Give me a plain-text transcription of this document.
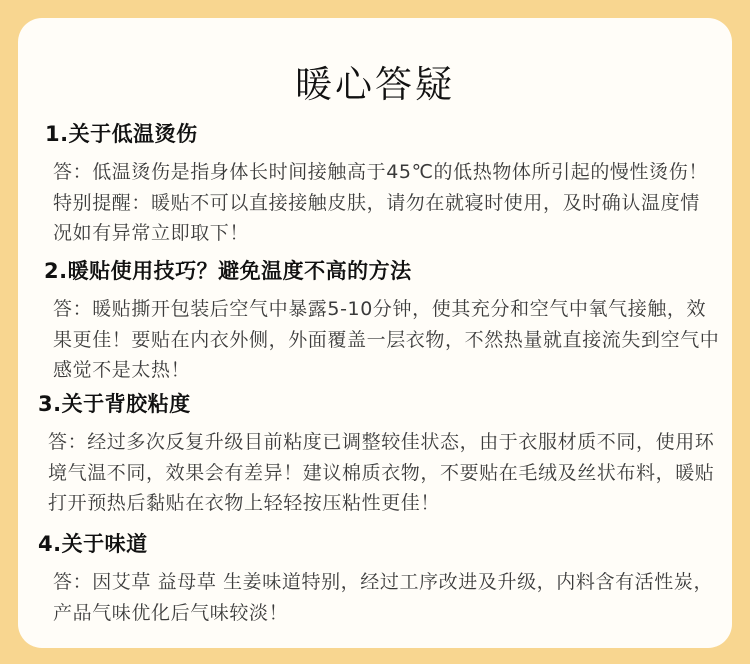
暖心答疑
1.关于低温烫伤
答：低温烫伤是指身体长时间接触高于45℃的低热物体所引起的慢性烫伤！特别提醒：暖贴不可以直接接触皮肤，请勿在就寝时使用，及时确认温度情况如有异常立即取下！
2.暖贴使用技巧？避免温度不高的方法
答：暖贴撕开包装后空气中暴露5-10分钟，使其充分和空气中氧气接触，效果更佳！要贴在内衣外侧，外面覆盖一层衣物，不然热量就直接流失到空气中感觉不是太热！
3.关于背胶粘度
答：经过多次反复升级目前粘度已调整较佳状态，由于衣服材质不同，使用环境气温不同，效果会有差异！建议棉质衣物，不要贴在毛绒及丝状布料，暖贴打开预热后黏贴在衣物上轻轻按压粘性更佳！
4.关于味道
答：因艾草 益母草 生姜味道特别，经过工序改进及升级，内料含有活性炭，产品气味优化后气味较淡！
